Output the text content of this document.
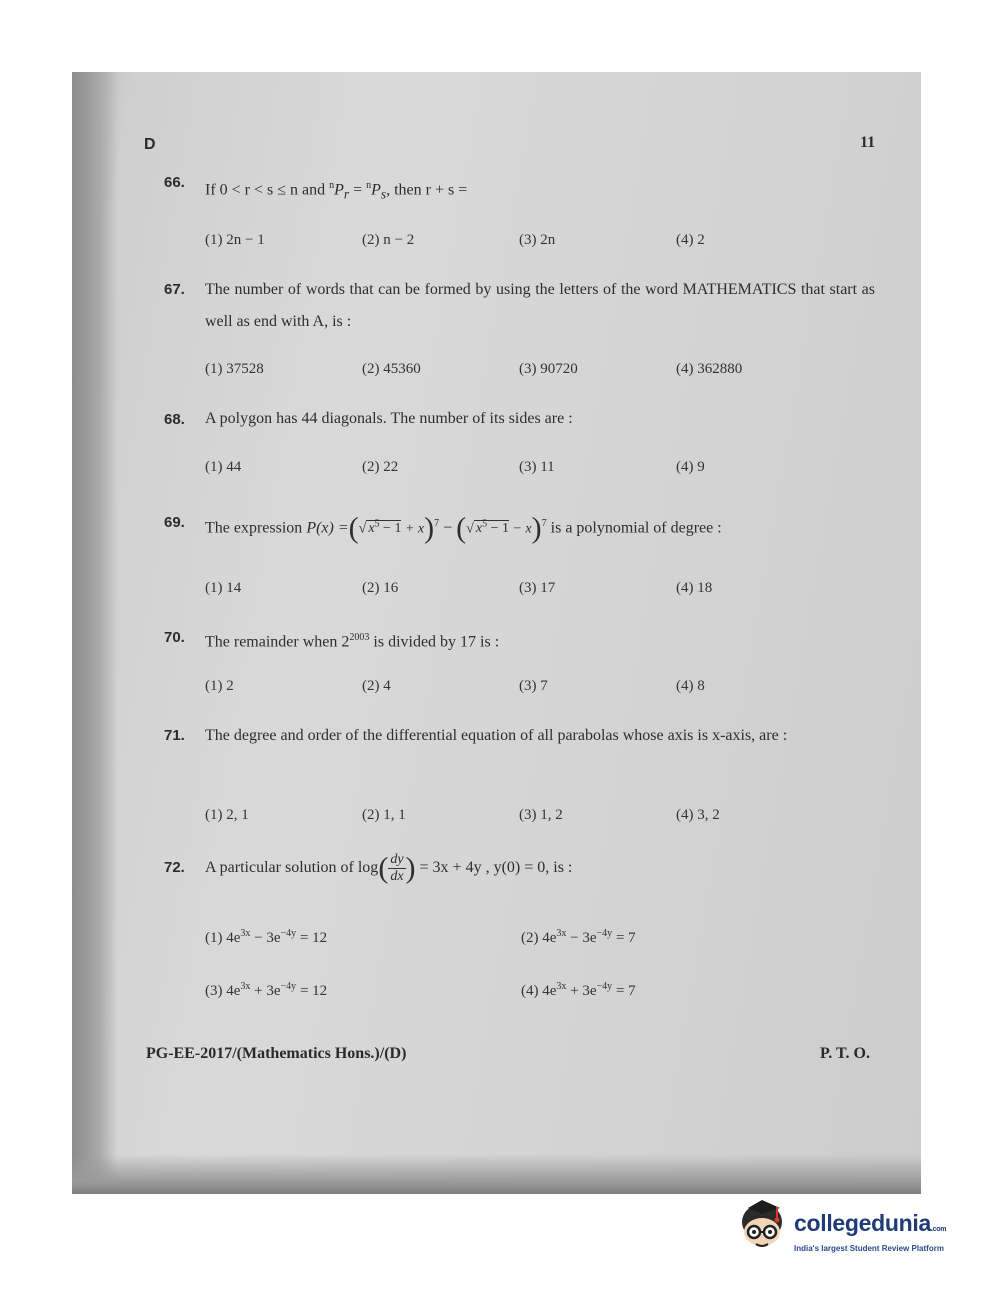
D	11
66. If 0 < r < s ≤ n and $^nP_r = ^nP_s$, then r + s =
(1) 2n − 1	(2) n − 2	(3) 2n	(4) 2
67. The number of words that can be formed by using the letters of the word MATHEMATICS that start as well as end with A, is :
(1) 37528	(2) 45360	(3) 90720	(4) 362880
68. A polygon has 44 diagonals. The number of its sides are :
(1) 44	(2) 22	(3) 11	(4) 9
69. The expression P(x) =(√ $x^5 - 1 + x)^7$ − (√ $x^5 - 1 - x)^7$ is a polynomial of degree :
(1) 14	(2) 16	(3) 17	(4) 18
70. The remainder when $2^{2003}$ is divided by 17 is :
(1) 2	(2) 4	(3) 7	(4) 8
71. The degree and order of the differential equation of all parabolas whose axis is x-axis, are :
(1) 2, 1	(2) 1, 1	(3) 1, 2	(4) 3, 2
72. A particular solution of $\log( \frac{dy}{dx}$ ) = 3x + 4y , y(0) = 0, is :
(1) $4e^{3x} - 3e^{-4y} = 12$	(2) $4e^{3x} - 3e^{-4y} = 7$
(3) $4e^{3x} + 3e^{-4y} = 12$	(4) $4e^{3x} + 3e^{-4y} = 7$
PG-EE-2017/(Mathematics Hons.)/(D)	P. T. O.
collegedunia.com
India's largest Student Review Platform
